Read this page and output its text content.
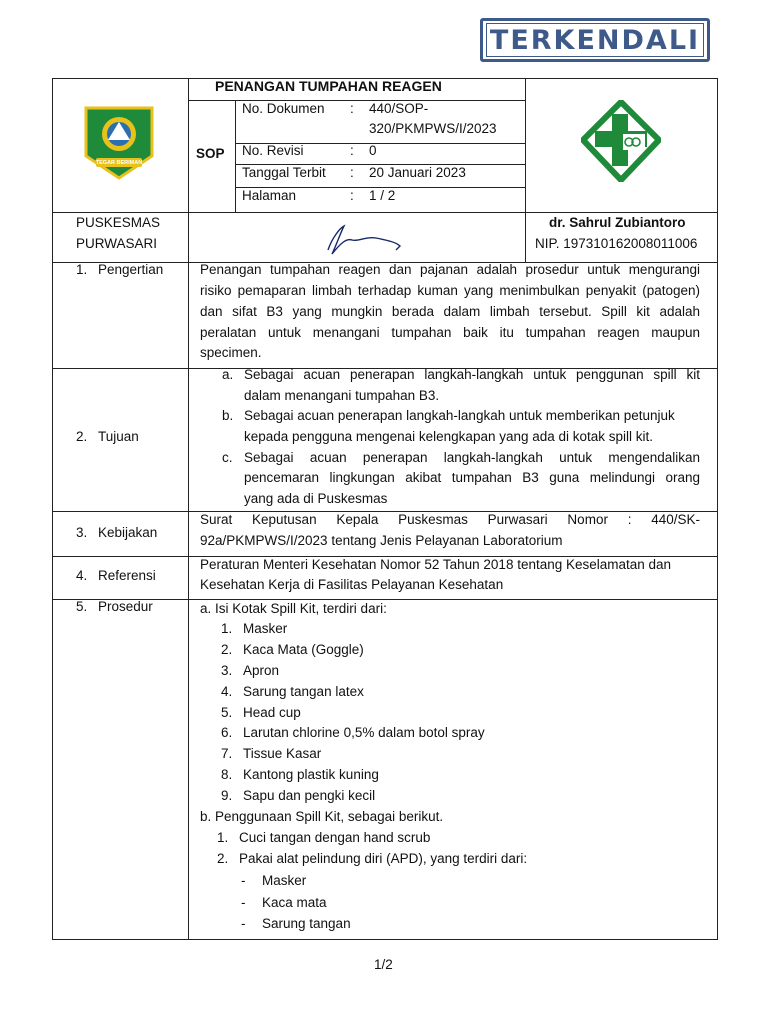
TERKENDALI
TEGAR BERIMAN
PENANGAN TUMPAHAN REAGEN
SOP
No. Dokumen : 440/SOP-
320/PKMPWS/I/2023
No. Revisi	: 0
Tanggal Terbit : 20 Januari 2023
Halaman	: 1 / 2
PUSKESMAS
PURWASARI
dr. Sahrul Zubiantoro
NIP. 197310162008011006
1. Pengertian	Penangan tumpahan reagen dan pajanan adalah prosedur untuk mengurangi
risiko pemaparan limbah terhadap kuman yang menimbulkan penyakit (patogen)
dan sifat B3 yang mungkin berada dalam limbah tersebut. Spill kit adalah
peralatan untuk menangani tumpahan baik itu tumpahan reagen maupun
specimen.
2. Tujuan
a. Sebagai acuan penerapan langkah-langkah untuk penggunan spill kit
dalam menangani tumpahan B3.
b. Sebagai acuan penerapan langkah-langkah untuk memberikan petunjuk
kepada pengguna mengenai kelengkapan yang ada di kotak spill kit.
c. Sebagai acuan penerapan langkah-langkah untuk mengendalikan
pencemaran lingkungan akibat tumpahan B3 guna melindungi orang
yang ada di Puskesmas
3. Kebijakan
Surat Keputusan Kepala Puskesmas Purwasari Nomor : 440/SK-
92a/PKMPWS/I/2023 tentang Jenis Pelayanan Laboratorium
4. Referensi
Peraturan Menteri Kesehatan Nomor 52 Tahun 2018 tentang Keselamatan dan
Kesehatan Kerja di Fasilitas Pelayanan Kesehatan
5. Prosedur	a. Isi Kotak Spill Kit, terdiri dari:
1. Masker
2. Kaca Mata (Goggle)
3. Apron
4. Sarung tangan latex
5. Head cup
6. Larutan chlorine 0,5% dalam botol spray
7. Tissue Kasar
8. Kantong plastik kuning
9. Sapu dan pengki kecil
b. Penggunaan Spill Kit, sebagai berikut.
1. Cuci tangan dengan hand scrub
2. Pakai alat pelindung diri (APD), yang terdiri dari:
- Masker
- Kaca mata
- Sarung tangan
1/2
